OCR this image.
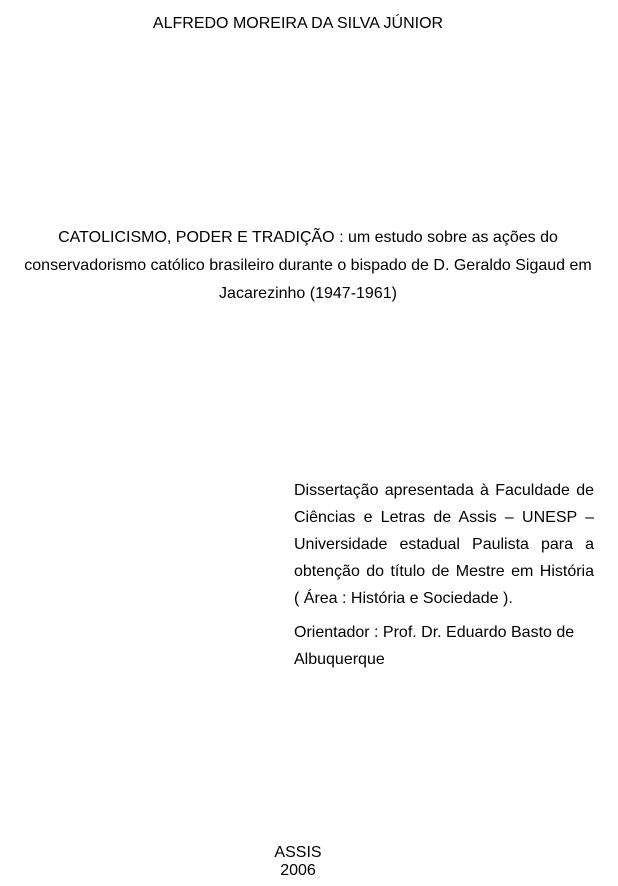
ALFREDO MOREIRA DA SILVA JÚNIOR
CATOLICISMO, PODER E TRADIÇÃO : um estudo sobre as ações do
conservadorismo católico brasileiro durante o bispado de D. Geraldo Sigaud em
Jacarezinho (1947-1961)
Dissertação apresentada à Faculdade de
Ciências e Letras de Assis – UNESP –
Universidade estadual Paulista para a
obtenção do título de Mestre em História
( Área : História e Sociedade ).
Orientador : Prof. Dr. Eduardo Basto de
Albuquerque
ASSIS
2006
